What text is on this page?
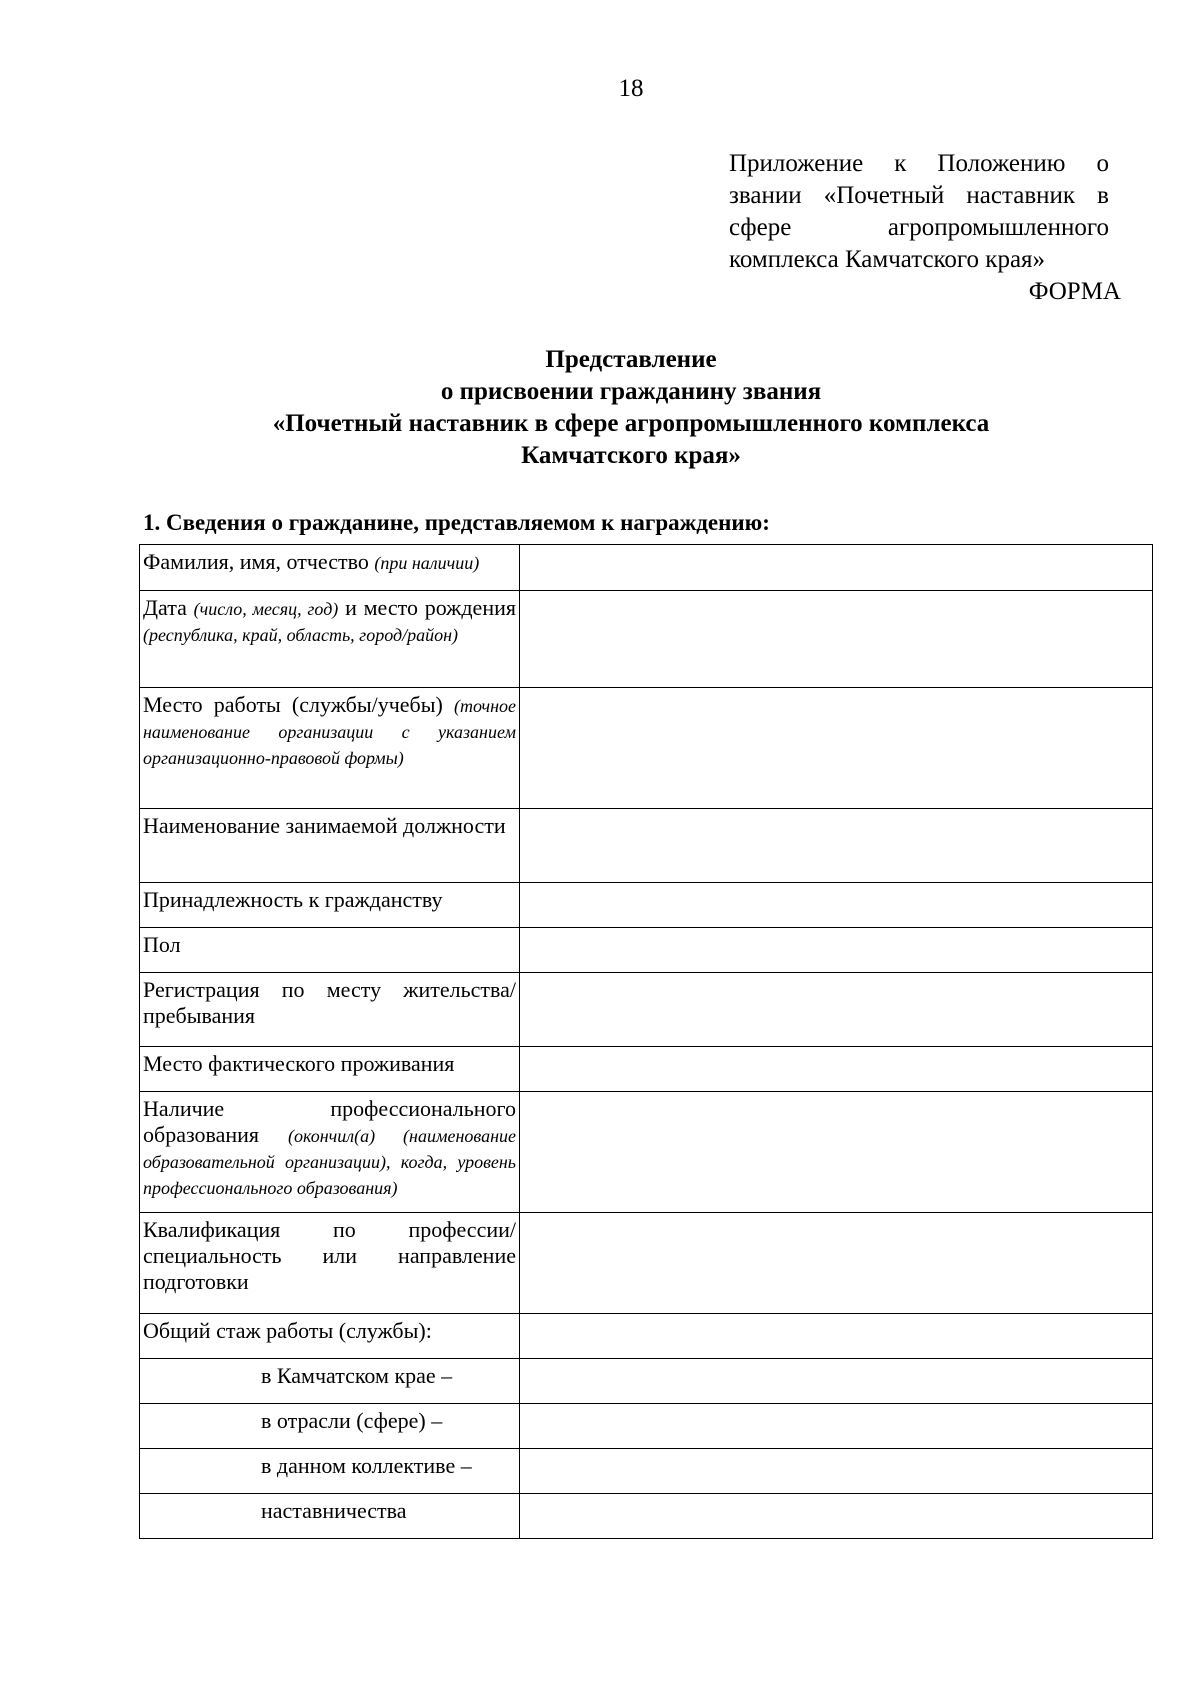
18
Приложение к Положению о звании «Почетный наставник в сфере агропромышленного комплекса Камчатского края»
ФОРМА
Представление
о присвоении гражданину звания
«Почетный наставник в сфере агропромышленного комплекса
Камчатского края»
1. Сведения о гражданине, представляемом к награждению:
Фамилия, имя, отчество (при наличии)	

Дата (число, месяц, год) и место рождения (республика, край, область, город/район)	

Место работы (службы/учебы) (точное наименование организации с указанием организационно-правовой формы)	

Наименование занимаемой должности	

Принадлежность к гражданству	

Пол	

Регистрация по месту жительства/ пребывания	

Место фактического проживания	

Наличие профессионального образования (окончил(а) (наименование образовательной организации), когда, уровень профессионального образования)	

Квалификация по профессии/ специальность или направление подготовки	

Общий стаж работы (службы):	

в Камчатском крае –	

в отрасли (сфере) –	

в данном коллективе –	

наставничества	
